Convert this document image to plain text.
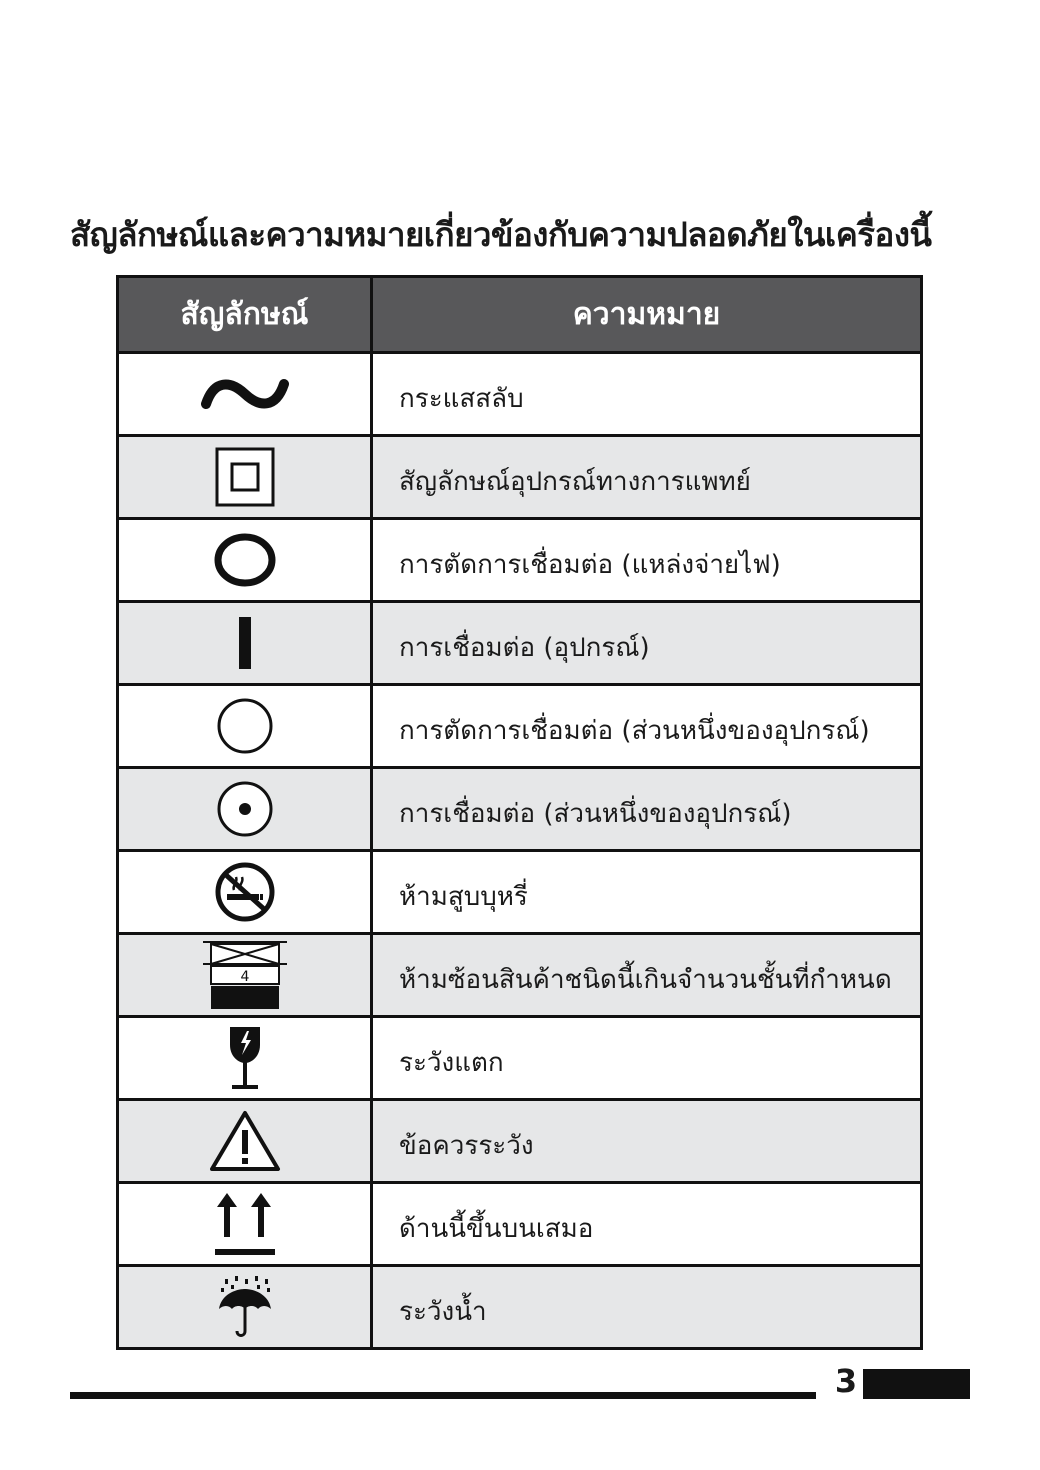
สัญลักษณ์และความหมายเกี่ยวข้องกับความปลอดภัยในเครื่องนี้
สัญลักษณ์	ความหมาย

	กระแสสลับ

	สัญลักษณ์อุปกรณ์ทางการแพทย์

	การตัดการเชื่อมต่อ (แหล่งจ่ายไฟ)

	การเชื่อมต่อ (อุปกรณ์)

	การตัดการเชื่อมต่อ (ส่วนหนึ่งของอุปกรณ์)

	การเชื่อมต่อ (ส่วนหนึ่งของอุปกรณ์)

	ห้ามสูบบุหรี่

4	ห้ามซ้อนสินค้าชนิดนี้เกินจำนวนชั้นที่กำหนด

	ระวังแตก

	ข้อควรระวัง

	ด้านนี้ขึ้นบนเสมอ

	ระวังน้ำ
3
